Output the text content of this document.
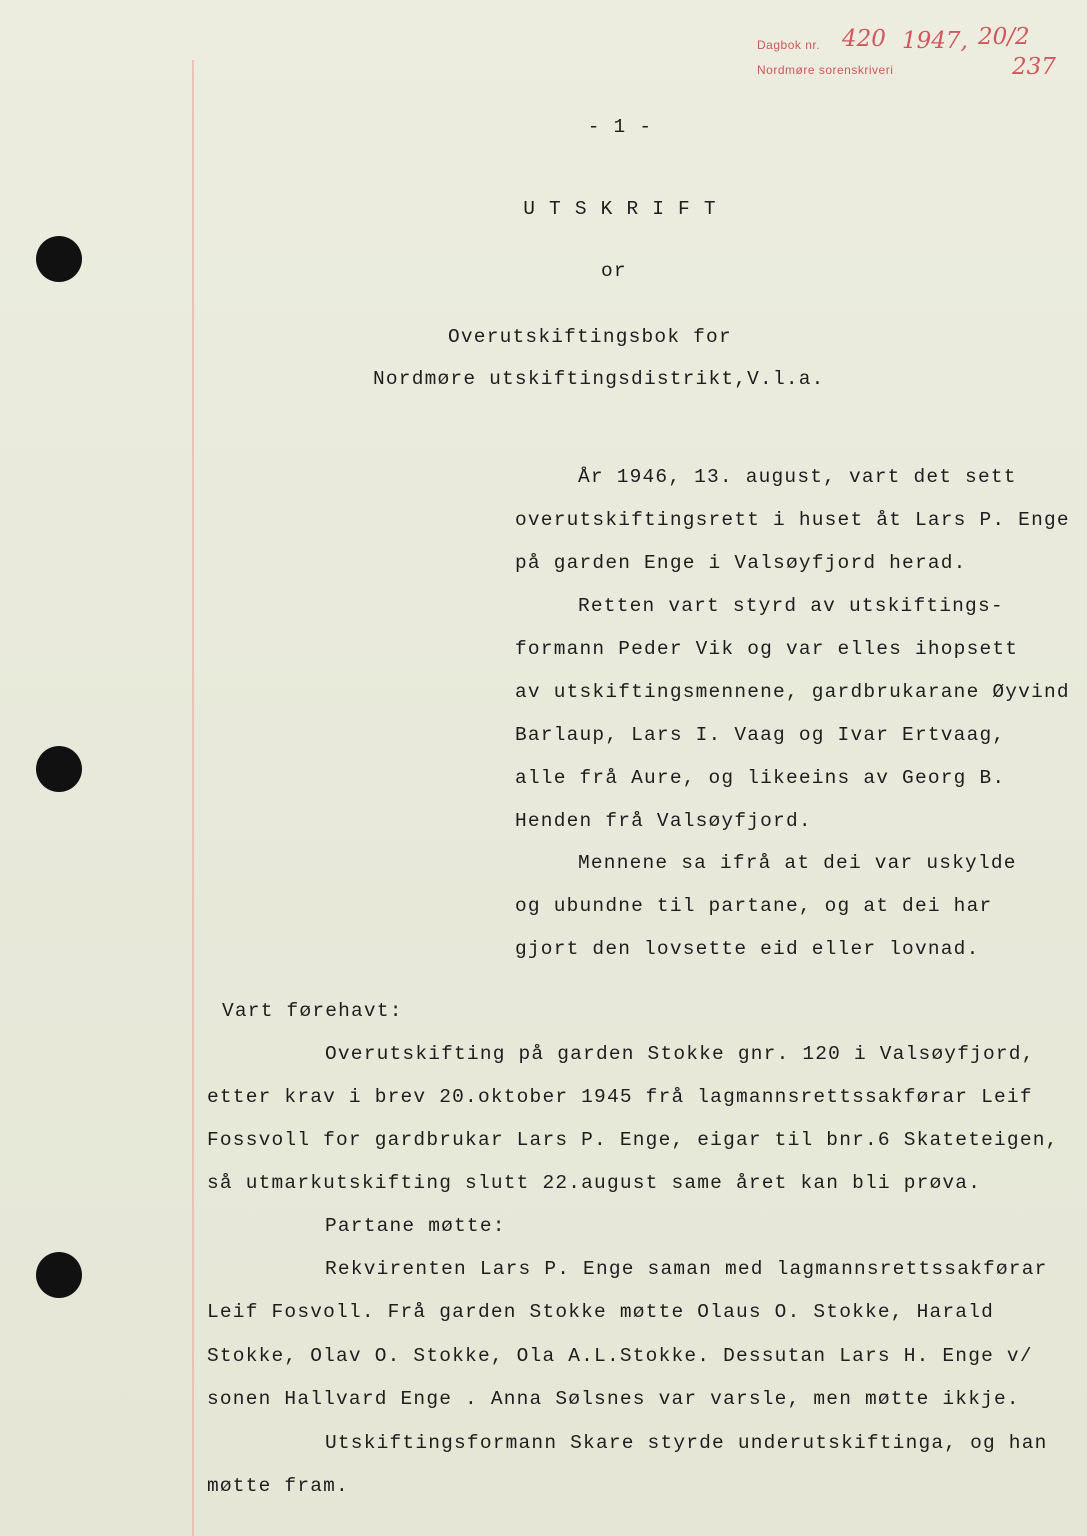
Dagbok nr. 420 1947, 20/2
Nordmøre sorenskriveri	237
- 1 -
U T S K R I F T
or
Overutskiftingsbok for
Nordmøre utskiftingsdistrikt,V.l.a.
År 1946, 13. august, vart det sett
overutskiftingsrett i huset åt Lars P. Enge
på garden Enge i Valsøyfjord herad.
Retten vart styrd av utskiftings-
formann Peder Vik og var elles ihopsett
av utskiftingsmennene, gardbrukarane Øyvind
Barlaup, Lars I. Vaag og Ivar Ertvaag,
alle frå Aure, og likeeins av Georg B.
Henden frå Valsøyfjord.
Mennene sa ifrå at dei var uskylde
og ubundne til partane, og at dei har
gjort den lovsette eid eller lovnad.
Vart førehavt:
Overutskifting på garden Stokke gnr. 120 i Valsøyfjord,
etter krav i brev 20.oktober 1945 frå lagmannsrettssakførar Leif
Fossvoll for gardbrukar Lars P. Enge, eigar til bnr.6 Skateteigen,
så utmarkutskifting slutt 22.august same året kan bli prøva.
Partane møtte:
Rekvirenten Lars P. Enge saman med lagmannsrettssakførar
Leif Fosvoll. Frå garden Stokke møtte Olaus O. Stokke, Harald
Stokke, Olav O. Stokke, Ola A.L.Stokke. Dessutan Lars H. Enge v/
sonen Hallvard Enge . Anna Sølsnes var varsle, men møtte ikkje.
Utskiftingsformann Skare styrde underutskiftinga, og han
møtte fram.
